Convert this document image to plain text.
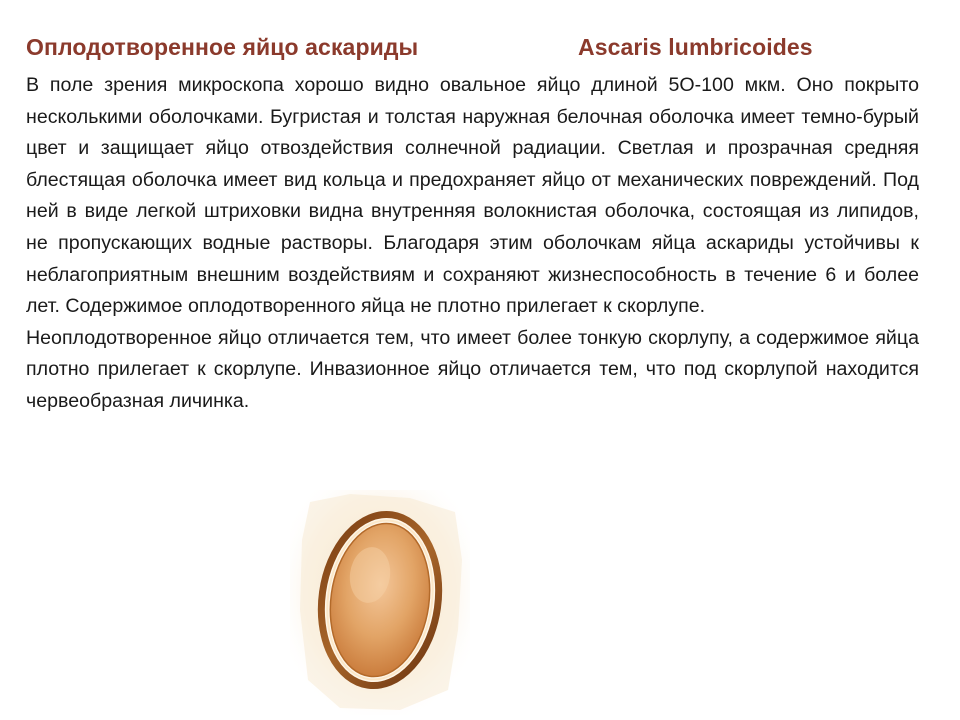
Оплодотворенное яйцо аскариды	Ascaris lumbricoides

В поле зрения микроскопа хорошо видно овальное яйцо длиной 5О-100 мкм. Оно покрыто несколькими оболочками. Бугристая и толстая наружная белочная оболочка имеет темно-бурый цвет и защищает яйцо отвоздействия солнечной радиации. Светлая и прозрачная средняя блестящая оболочка имеет вид кольца и предохраняет яйцо от механических повреждений. Под ней в виде легкой штриховки видна внутренняя волокнистая оболочка, состоящая из липидов, не пропускающих водные растворы. Благодаря этим оболочкам яйца аскариды устойчивы к неблагоприятным внешним воздействиям и сохраняют жизнеспособность в течение 6 и более лет. Содержимое оплодотворенного яйца не плотно прилегает к скорлупе.

Неоплодотворенное яйцо отличается тем, что имеет более тонкую скорлупу, а содержимое яйца плотно прилегает к скорлупе. Инвазионное яйцо отличается тем, что под скорлупой находится червеобразная личинка.
